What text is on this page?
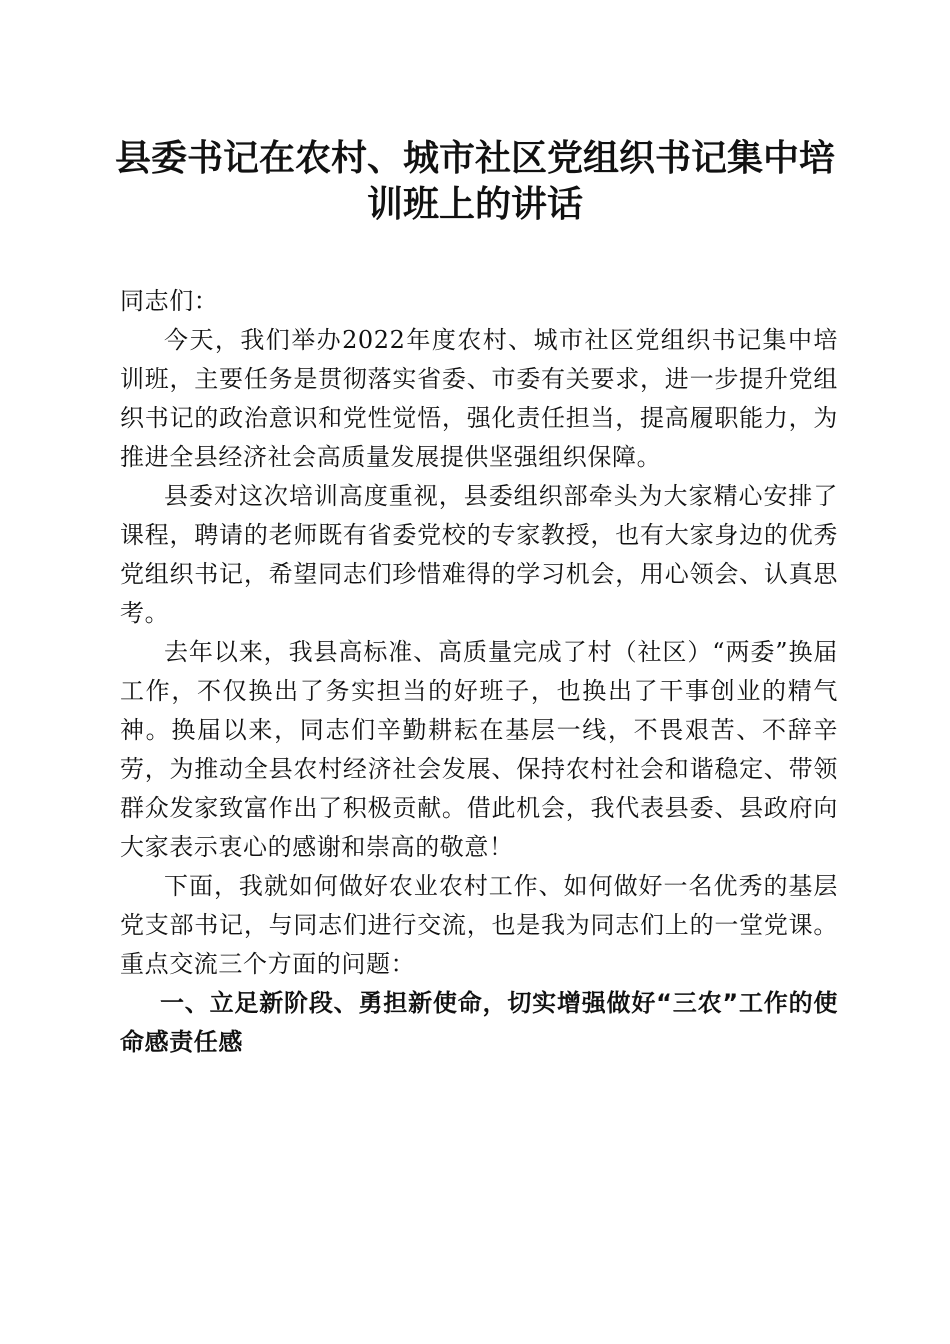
县委书记在农村、城市社区党组织书记集中培
训班上的讲话

同志们：

今天，我们举办2022年度农村、城市社区党组织书记集中培训班，主要任务是贯彻落实省委、市委有关要求，进一步提升党组织书记的政治意识和党性觉悟，强化责任担当，提高履职能力，为推进全县经济社会高质量发展提供坚强组织保障。

县委对这次培训高度重视，县委组织部牵头为大家精心安排了课程，聘请的老师既有省委党校的专家教授，也有大家身边的优秀党组织书记，希望同志们珍惜难得的学习机会，用心领会、认真思考。

去年以来，我县高标准、高质量完成了村（社区）“两委”换届工作，不仅换出了务实担当的好班子，也换出了干事创业的精气神。换届以来，同志们辛勤耕耘在基层一线，不畏艰苦、不辞辛劳，为推动全县农村经济社会发展、保持农村社会和谐稳定、带领群众发家致富作出了积极贡献。借此机会，我代表县委、县政府向大家表示衷心的感谢和崇高的敬意！

下面，我就如何做好农业农村工作、如何做好一名优秀的基层党支部书记，与同志们进行交流，也是我为同志们上的一堂党课。重点交流三个方面的问题：

一、立足新阶段、勇担新使命，切实增强做好“三农”工作的使命感责任感
